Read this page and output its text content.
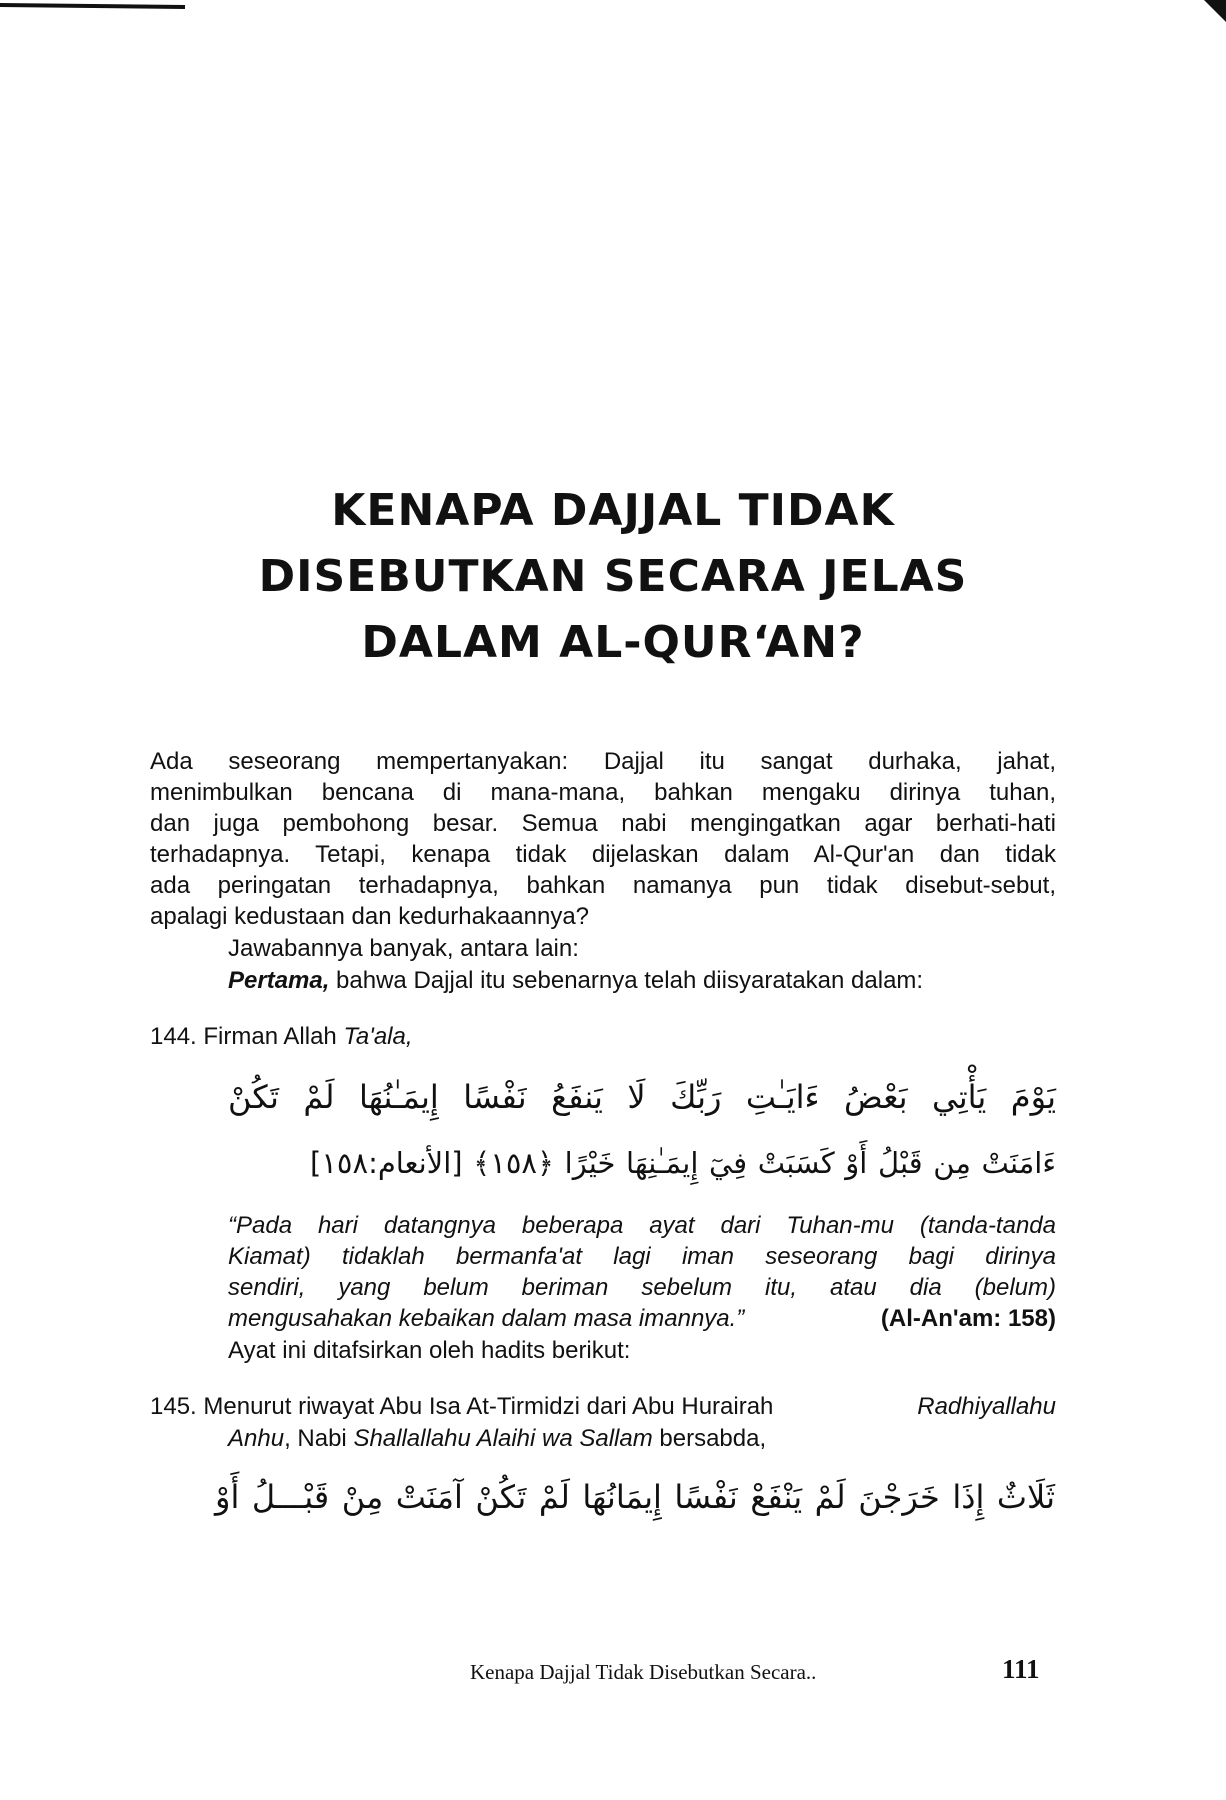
KENAPA DAJJAL TIDAK
DISEBUTKAN SECARA JELAS
DALAM AL-QUR‘AN?
Ada seseorang mempertanyakan: Dajjal itu sangat durhaka, jahat,
menimbulkan bencana di mana-mana, bahkan mengaku dirinya tuhan,
dan juga pembohong besar. Semua nabi mengingatkan agar berhati-hati
terhadapnya. Tetapi, kenapa tidak dijelaskan dalam Al-Qur'an dan tidak
ada peringatan terhadapnya, bahkan namanya pun tidak disebut-sebut,
apalagi kedustaan dan kedurhakaannya?
Jawabannya banyak, antara lain:
Pertama, bahwa Dajjal itu sebenarnya telah diisyaratakan dalam:
144. Firman Allah Ta'ala,
يَوْمَ يَأْتِي بَعْضُ ءَايَـٰتِ رَبِّكَ لَا يَنفَعُ نَفْسًا إِيمَـٰنُهَا لَمْ تَكُنْ
ءَامَنَتْ مِن قَبْلُ أَوْ كَسَبَتْ فِيٓ إِيمَـٰنِهَا خَيْرًا ﴿١٥٨﴾ [الأنعام:١٥٨]
“Pada hari datangnya beberapa ayat dari Tuhan-mu (tanda-tanda
Kiamat) tidaklah bermanfa'at lagi iman seseorang bagi dirinya
sendiri, yang belum beriman sebelum itu, atau dia (belum)
mengusahakan kebaikan dalam masa imannya.”	(Al-An'am: 158)
Ayat ini ditafsirkan oleh hadits berikut:
145. Menurut riwayat Abu Isa At-Tirmidzi dari Abu Hurairah	Radhiyallahu
Anhu, Nabi Shallallahu Alaihi wa Sallam bersabda,
ثَلَاثٌ إِذَا خَرَجْنَ لَمْ يَنْفَعْ نَفْسًا إِيمَانُهَا لَمْ تَكُنْ آمَنَتْ مِنْ قَبْـــلُ أَوْ
Kenapa Dajjal Tidak Disebutkan Secara..	111
